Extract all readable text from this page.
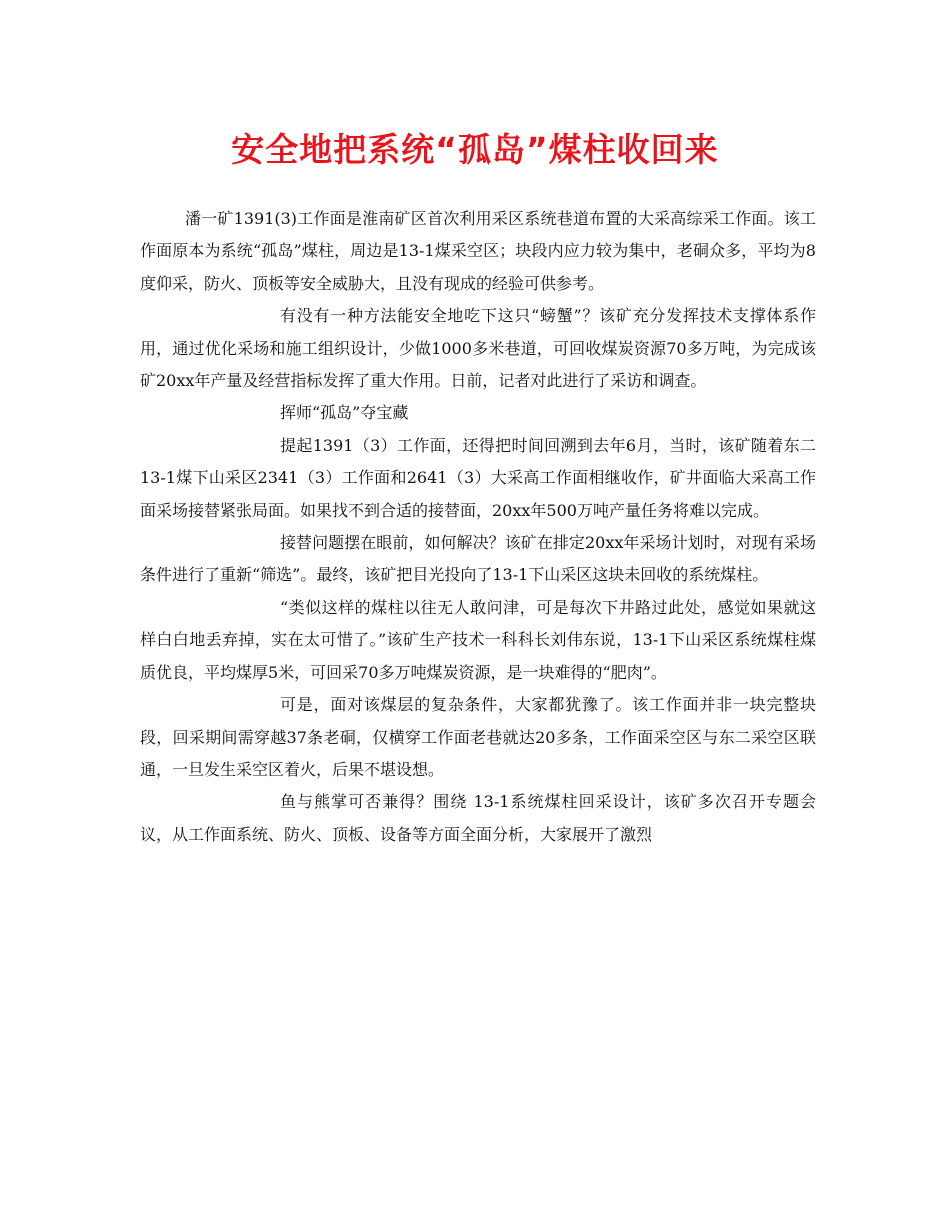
安全地把系统“孤岛”煤柱收回来

潘一矿1391(3)工作面是淮南矿区首次利用采区系统巷道布置的大采高综采工作面。该工作面原本为系统“孤岛”煤柱，周边是13-1煤采空区；块段内应力较为集中，老硐众多，平均为8度仰采，防火、顶板等安全威胁大，且没有现成的经验可供参考。

有没有一种方法能安全地吃下这只“螃蟹”？该矿充分发挥技术支撑体系作用，通过优化采场和施工组织设计，少做1000多米巷道，可回收煤炭资源70多万吨，为完成该矿20xx年产量及经营指标发挥了重大作用。日前，记者对此进行了采访和调查。

挥师“孤岛”夺宝藏

提起1391（3）工作面，还得把时间回溯到去年6月，当时，该矿随着东二13-1煤下山采区2341（3）工作面和2641（3）大采高工作面相继收作，矿井面临大采高工作面采场接替紧张局面。如果找不到合适的接替面，20xx年500万吨产量任务将难以完成。

接替问题摆在眼前，如何解决？该矿在排定20xx年采场计划时，对现有采场条件进行了重新“筛选”。最终，该矿把目光投向了13-1下山采区这块未回收的系统煤柱。

“类似这样的煤柱以往无人敢问津，可是每次下井路过此处，感觉如果就这样白白地丢弃掉，实在太可惜了。”该矿生产技术一科科长刘伟东说，13-1下山采区系统煤柱煤质优良，平均煤厚5米，可回采70多万吨煤炭资源，是一块难得的“肥肉”。

可是，面对该煤层的复杂条件，大家都犹豫了。该工作面并非一块完整块段，回采期间需穿越37条老硐，仅横穿工作面老巷就达20多条，工作面采空区与东二采空区联通，一旦发生采空区着火，后果不堪设想。

鱼与熊掌可否兼得？围绕 13-1系统煤柱回采设计，该矿多次召开专题会议，从工作面系统、防火、顶板、设备等方面全面分析，大家展开了激烈
